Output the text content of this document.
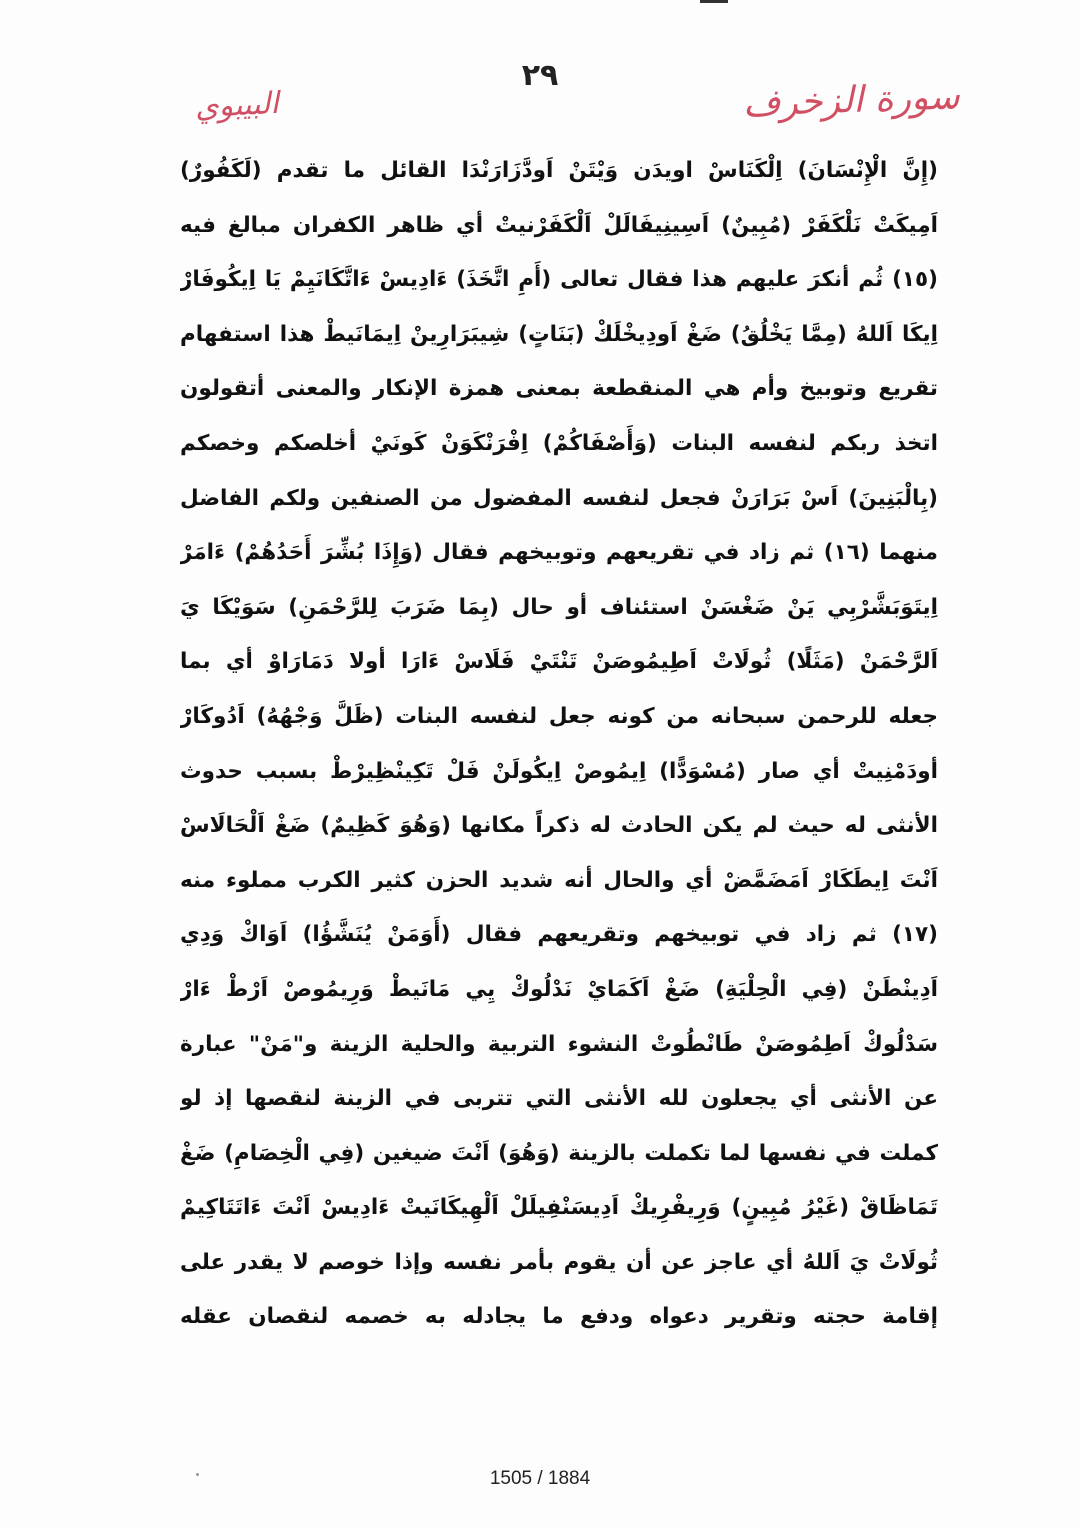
٢٩
سورة الزخرف
البيبوي
(إِنَّ الْإِنْسَانَ) اِلْكَنَاسْ اويدَن وَيْتَنْ اَودَّزَارَنْدَا القائل ما تقدم (لَكَفُورٌ)
اَمِيكَتْ نَلْكَفَرْ (مُبِينٌ) اَسِينِيفَالَلْ اَلْكَفَرْنيتْ أي ظاهر الكفران مبالغ فيه
(١٥) ثُم أنكرَ عليهم هذا فقال تعالى (أَمِ اتَّخَذَ) ءَادِيسْ ءَاتَّكَانَيِمْ يَا اِيكُوفَارْ
اِيكَا اَللهُ (مِمَّا يَخْلُقُ) ضَغْ اَودِيخْلَكْ (بَنَاتٍ) شِيبَرَارِينْ اِيمَانَيطْ هذا استفهام
تقريع وتوبيخ وأم هي المنقطعة بمعنى همزة الإنكار والمعنى أتقولون
اتخذ ربكم لنفسه البنات (وَأَصْفَاكُمْ) اِفْرَنْكَوَنْ كَونَيْ أخلصكم وخصكم
(بِالْبَنِينَ) اَسْ بَرَارَنْ فجعل لنفسه المفضول من الصنفين ولكم الفاضل
منهما (١٦) ثم زاد في تقريعهم وتوبيخهم فقال (وَإِذَا بُشِّرَ أَحَدُهُمْ) ءَامَرْ
اِيتَوَبَشَّرْبِي يَنْ ضَغْسَنْ استئناف أو حال (بِمَا ضَرَبَ لِلرَّحْمَنِ) سَوَيْكَا يَ
اَلرَّحْمَنْ (مَثَلًا) ثُولَاتْ اَطِيمُوصَنْ تَنْتَيْ فَلَاسْ ءَارَا أولا دَمَارَاوْ أي بما
جعله للرحمن سبحانه من كونه جعل لنفسه البنات (ظَلَّ وَجْهُهُ) اَدُوكَارْ
أودَمْنِيتْ أي صار (مُسْوَدًّا) اِيمُوصْ اِيكُولَنْ فَلْ تَكِينْظِيرْطْ بسبب حدوث
الأنثى له حيث لم يكن الحادث له ذكراً مكانها (وَهُوَ كَظِيمٌ) ضَغْ اَلْحَالَاسْ
اَنْتَ اِيطَكَارْ اَمَضَمَّضْ أي والحال أنه شديد الحزن كثير الكرب مملوء منه
(١٧) ثم زاد في توبيخهم وتقريعهم فقال (أَوَمَنْ يُنَشَّؤُا) اَوَاكْ وَدِي
اَدِينْطَنْ (فِي الْحِلْيَةِ) ضَغْ اَكَمَايْ نَدْلُوكْ يِي مَانَيطْ وَرِيمُوصْ اَرْطْ ءَارْ
سَدْلُوكْ اَطِمُوصَنْ طَانْطُوتْ النشوء التربية والحلية الزينة و"مَنْ" عبارة
عن الأنثى أي يجعلون لله الأنثى التي تتربى في الزينة لنقصها إذ لو
كملت في نفسها لما تكملت بالزينة (وَهُوَ) اَنْتَ ضيغين (فِي الْخِصَامِ) ضَغْ
تَمَاظَاقْ (غَيْرُ مُبِينٍ) وَرِيفْرِيكْ اَدِيسَنْفِيلَلْ اَلْهِيكَانَيتْ ءَادِيسْ اَنْتَ ءَاتَتَاكِيمْ
ثُولَاتْ يَ اَللهُ أي عاجز عن أن يقوم بأمر نفسه وإذا خوصم لا يقدر على
إقامة حجته وتقرير دعواه ودفع ما يجادله به خصمه لنقصان عقله
1505 / 1884
